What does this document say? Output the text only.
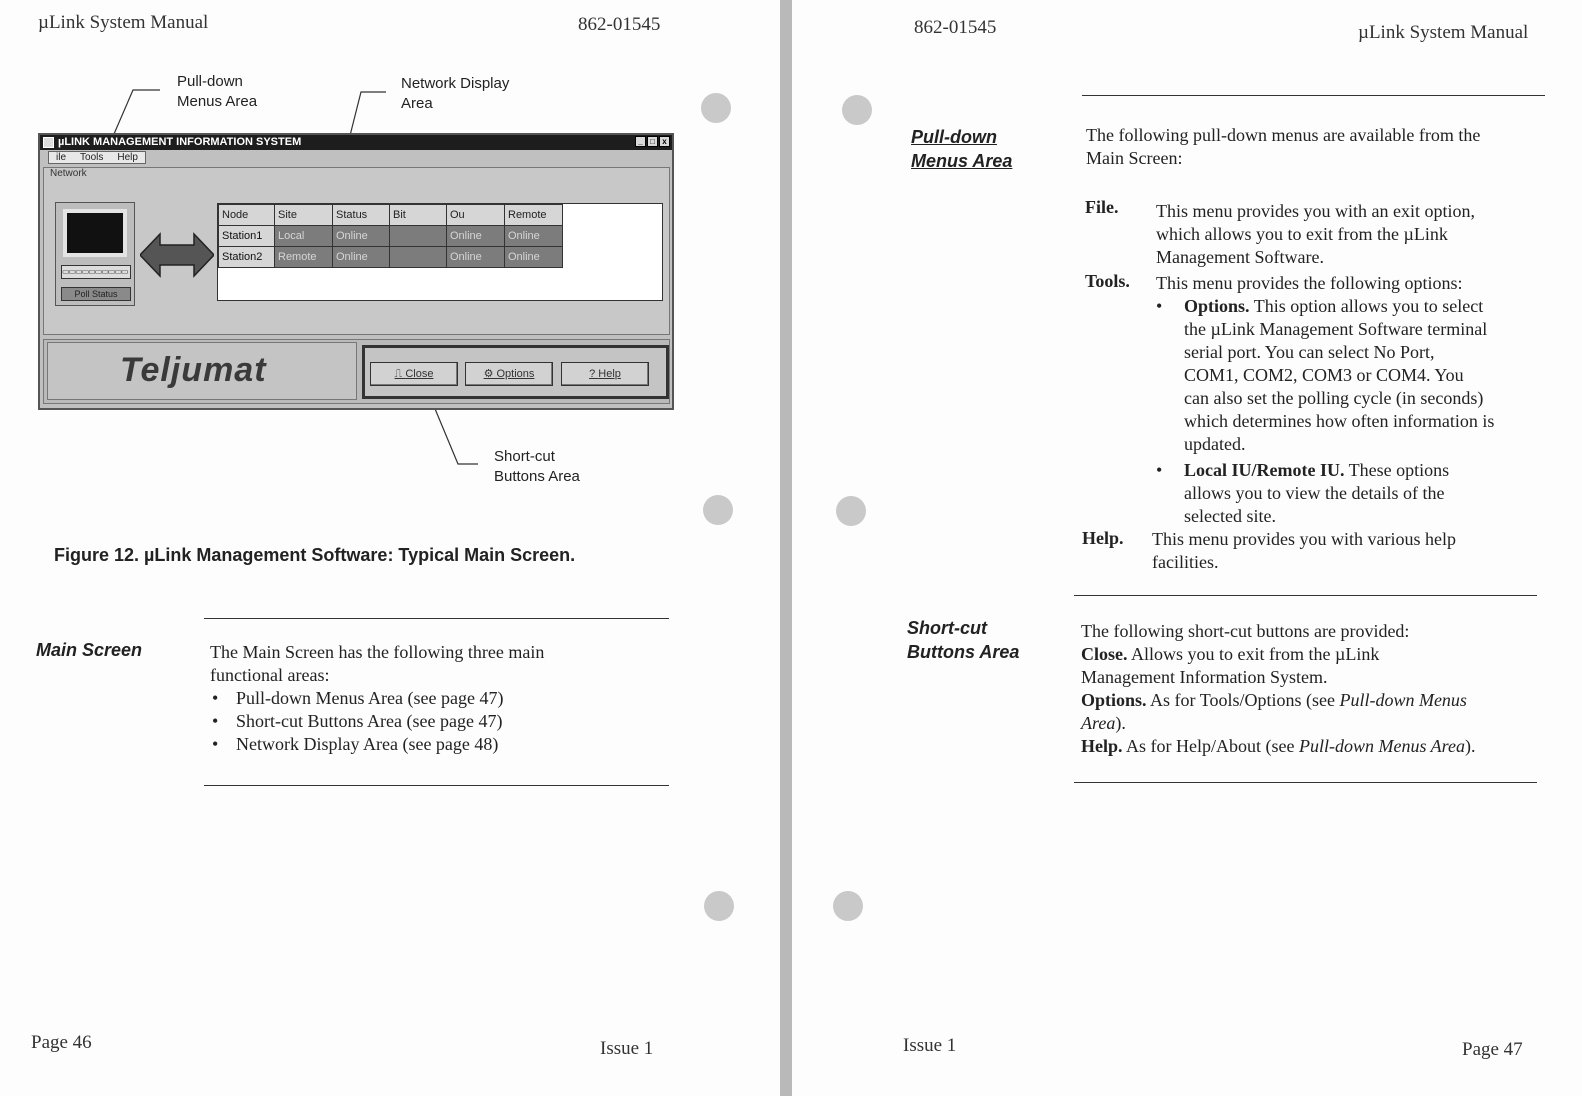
µLink System Manual	862-01545
Pull-down
Menus Area
Network Display
Area
Short-cut
Buttons Area
µLINK MANAGEMENT INFORMATION SYSTEM	_ □ x
ile	Tools	Help
Network
▭▭▭▭▭▭▭▭▭▭
Poll Status
Node	Site	Status	Bit	Ou	Remote
Station1	Local	Online		Online	Online
Station2	Remote	Online		Online	Online
Teljumat	⎍ Close	⚙ Options	? Help
Figure 12. µLink Management Software: Typical Main Screen.
Main Screen	The Main Screen has the following three main
functional areas:
• Pull-down Menus Area (see page 47)
• Short-cut Buttons Area (see page 47)
• Network Display Area (see page 48)
Page 46	Issue 1
862-01545	µLink System Manual
Pull-down
Menus Area
The following pull-down menus are available from the
Main Screen:
File. This menu provides you with an exit option,
which allows you to exit from the µLink
Management Software.
Tools. This menu provides the following options:
• Options. This option allows you to select
the µLink Management Software terminal
serial port. You can select No Port,
COM1, COM2, COM3 or COM4. You
can also set the polling cycle (in seconds)
which determines how often information is
updated.
• Local IU/Remote IU. These options
allows you to view the details of the
selected site.
Help. This menu provides you with various help
facilities.
Short-cut
Buttons Area
The following short-cut buttons are provided:
Close. Allows you to exit from the µLink
Management Information System.
Options. As for Tools/Options (see Pull-down Menus
Area).
Help. As for Help/About (see Pull-down Menus Area).
Issue 1	Page 47
